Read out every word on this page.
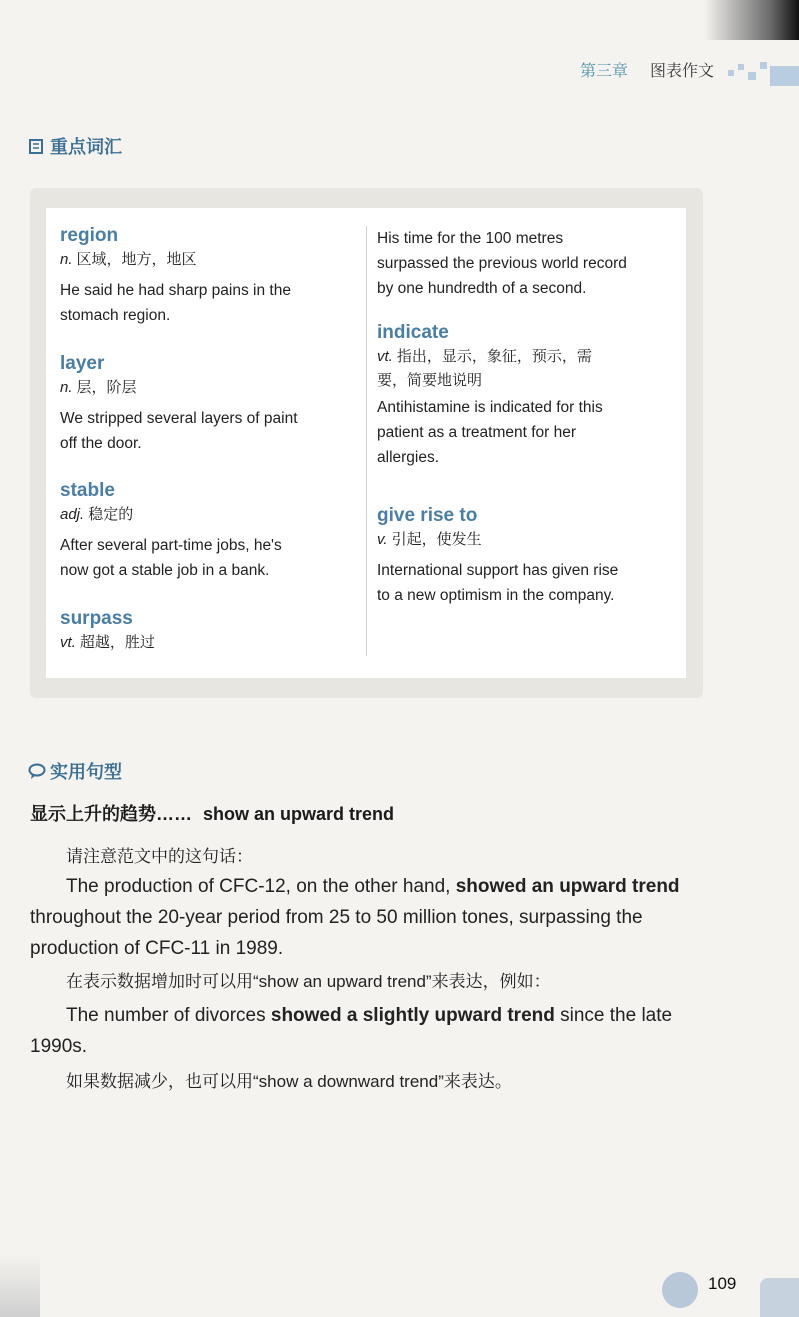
第三章 图表作文
重点词汇
region
n. 区域，地方，地区
He said he had sharp pains in the
stomach region.
layer
n. 层，阶层
We stripped several layers of paint
off the door.
stable
adj. 稳定的
After several part-time jobs, he's
now got a stable job in a bank.
surpass
vt. 超越，胜过
His time for the 100 metres
surpassed the previous world record
by one hundredth of a second.
indicate
vt. 指出，显示，象征，预示，需
要，简要地说明
Antihistamine is indicated for this
patient as a treatment for her
allergies.
give rise to
v. 引起，使发生
International support has given rise
to a new optimism in the company.
实用句型
显示上升的趋势…… show an upward trend
请注意范文中的这句话：
The production of CFC-12, on the other hand, showed an upward trend throughout the 20-year period from 25 to 50 million tones, surpassing the production of CFC-11 in 1989.
在表示数据增加时可以用“show an upward trend”来表达，例如：
The number of divorces showed a slightly upward trend since the late 1990s.
如果数据减少，也可以用“show a downward trend”来表达。
109
